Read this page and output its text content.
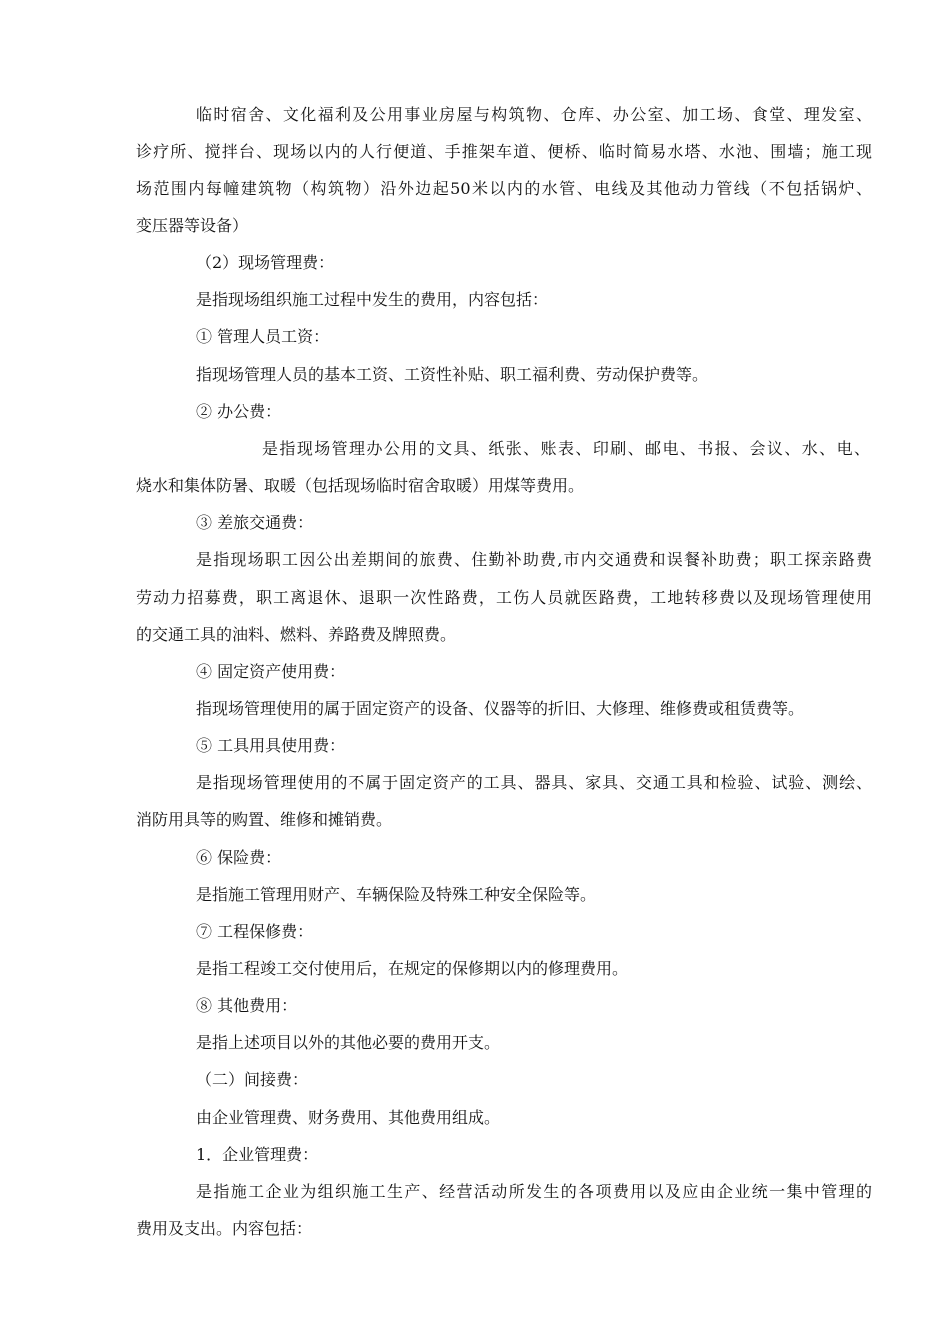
临时宿舍、文化福利及公用事业房屋与构筑物、仓库、办公室、加工场、食堂、理发室、
诊疗所、搅拌台、现场以内的人行便道、手推架车道、便桥、临时简易水塔、水池、围墙；施工现
场范围内每幢建筑物（构筑物）沿外边起50米以内的水管、电线及其他动力管线（不包括锅炉、
变压器等设备）
（2）现场管理费：
是指现场组织施工过程中发生的费用，内容包括：
① 管理人员工资：
指现场管理人员的基本工资、工资性补贴、职工福利费、劳动保护费等。
② 办公费：
是指现场管理办公用的文具、纸张、账表、印刷、邮电、书报、会议、水、电、
烧水和集体防暑、取暖（包括现场临时宿舍取暖）用煤等费用。
③ 差旅交通费：
是指现场职工因公出差期间的旅费、住勤补助费,市内交通费和误餐补助费；职工探亲路费
劳动力招募费，职工离退休、退职一次性路费，工伤人员就医路费，工地转移费以及现场管理使用
的交通工具的油料、燃料、养路费及牌照费。
④ 固定资产使用费：
指现场管理使用的属于固定资产的设备、仪器等的折旧、大修理、维修费或租赁费等。
⑤ 工具用具使用费：
是指现场管理使用的不属于固定资产的工具、器具、家具、交通工具和检验、试验、测绘、
消防用具等的购置、维修和摊销费。
⑥ 保险费：
是指施工管理用财产、车辆保险及特殊工种安全保险等。
⑦ 工程保修费：
是指工程竣工交付使用后，在规定的保修期以内的修理费用。
⑧ 其他费用：
是指上述项目以外的其他必要的费用开支。
（二）间接费：
由企业管理费、财务费用、其他费用组成。
1．企业管理费：
是指施工企业为组织施工生产、经营活动所发生的各项费用以及应由企业统一集中管理的
费用及支出。内容包括：
